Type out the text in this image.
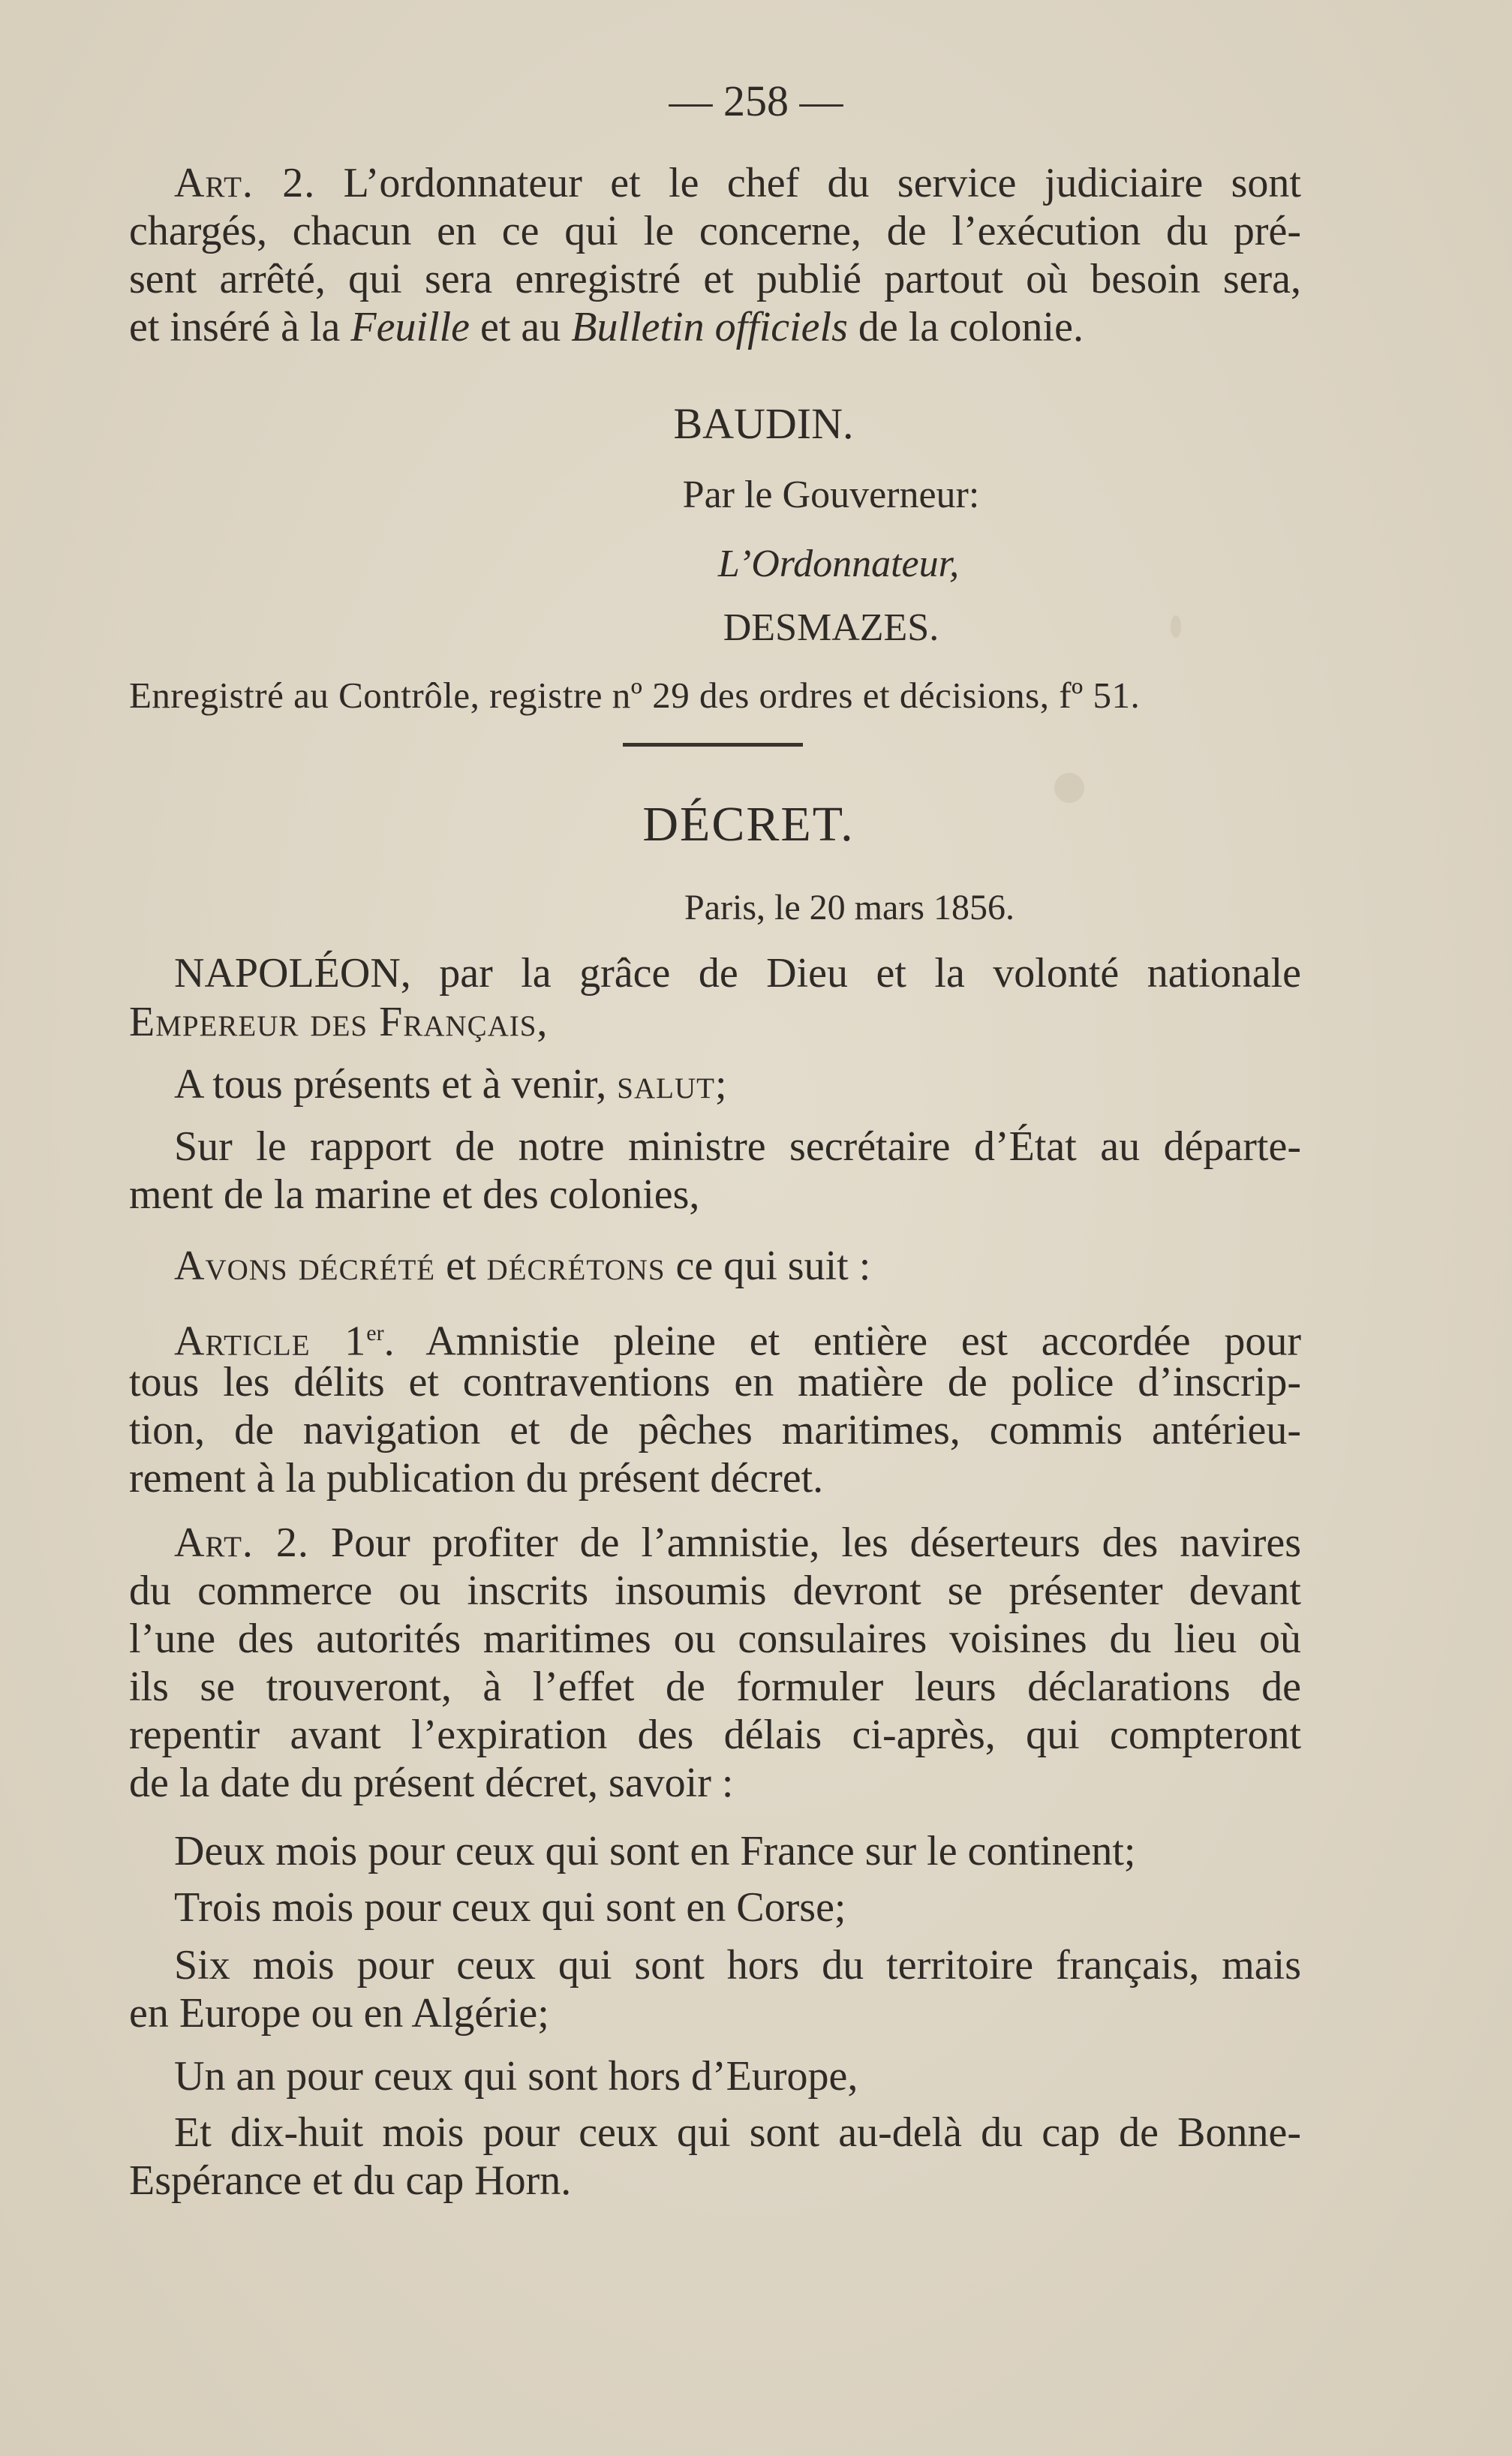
— 258 —

Art. 2. L’ordonnateur et le chef du service judiciaire sont

chargés, chacun en ce qui le concerne, de l’exécution du pré-

sent arrêté, qui sera enregistré et publié partout où besoin sera,

et inséré à la Feuille et au Bulletin officiels de la colonie.

BAUDIN.

Par le Gouverneur:

L’Ordonnateur,

DESMAZES.

Enregistré au Contrôle, registre nº 29 des ordres et décisions, fº 51.

DÉCRET.

Paris, le 20 mars 1856.

NAPOLÉON, par la grâce de Dieu et la volonté nationale

Empereur des Français,

A tous présents et à venir, salut;

Sur le rapport de notre ministre secrétaire d’État au départe-

ment de la marine et des colonies,

Avons décrété et décrétons ce qui suit :

Article 1er. Amnistie pleine et entière est accordée pour

tous les délits et contraventions en matière de police d’inscrip-

tion, de navigation et de pêches maritimes, commis antérieu-

rement à la publication du présent décret.

Art. 2. Pour profiter de l’amnistie, les déserteurs des navires

du commerce ou inscrits insoumis devront se présenter devant

l’une des autorités maritimes ou consulaires voisines du lieu où

ils se trouveront, à l’effet de formuler leurs déclarations de

repentir avant l’expiration des délais ci-après, qui compteront

de la date du présent décret, savoir :

Deux mois pour ceux qui sont en France sur le continent;

Trois mois pour ceux qui sont en Corse;

Six mois pour ceux qui sont hors du territoire français, mais

en Europe ou en Algérie;

Un an pour ceux qui sont hors d’Europe,

Et dix-huit mois pour ceux qui sont au-delà du cap de Bonne-

Espérance et du cap Horn.
